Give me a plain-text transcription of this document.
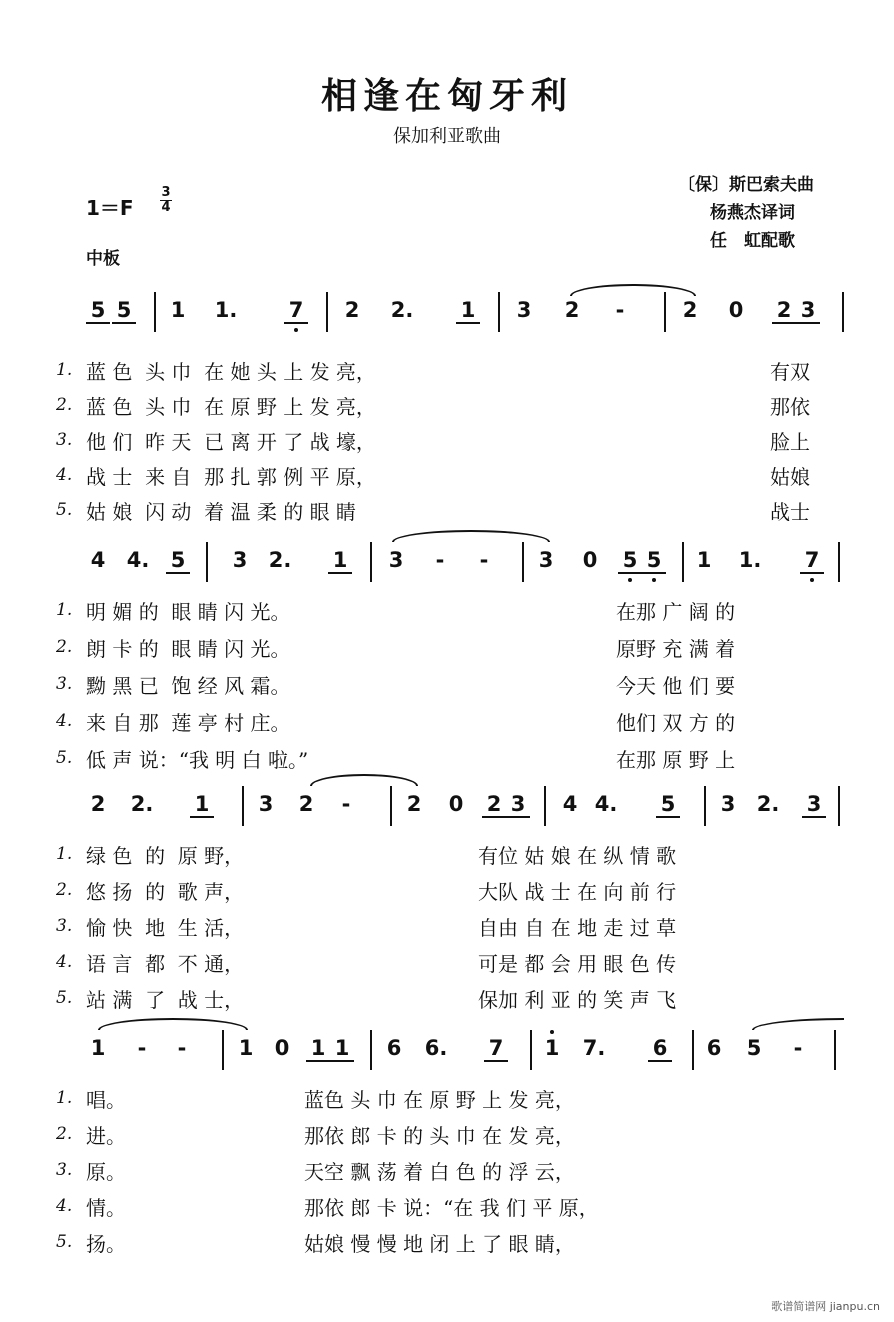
相逢在匈牙利
保加利亚歌曲
〔保〕斯巴索夫曲
杨燕杰译词
任　虹配歌
1＝F
3
4
中板
5 5 1 1. 7 2 2. 1 3 2	-	2 0 2 3
1. 蓝 色  头 巾  在 她 头 上 发 亮，	有双
2. 蓝 色  头 巾  在 原 野 上 发 亮，	那依
3. 他 们  昨 天  已 离 开 了 战 壕，	脸上
4. 战 士  来 自  那 扎 郭 例 平 原，	姑娘
5. 姑 娘  闪 动  着 温 柔 的 眼 睛	战士
4 4. 5 3 2. 1 3	-	-	3 0 5 5 1 1. 7
1. 明 媚 的  眼 睛 闪 光。	在那 广 阔 的
2. 朗 卡 的  眼 睛 闪 光。	原野 充 满 着
3. 黝 黑 已  饱 经 风 霜。	今天 他 们 要
4. 来 自 那  莲 亭 村 庄。	他们 双 方 的
5. 低 声 说：“我 明 白 啦。”	在那 原 野 上
2 2. 1 3 2	-	2 0 2 3 4 4. 5 3 2. 3
1. 绿 色  的  原 野，	有位 姑 娘 在 纵 情 歌
2. 悠 扬  的  歌 声，	大队 战 士 在 向 前 行
3. 愉 快  地  生 活，	自由 自 在 地 走 过 草
4. 语 言  都  不 通，	可是 都 会 用 眼 色 传
5. 站 满  了  战 士，	保加 利 亚 的 笑 声 飞
1	-	-	1 0 1 1 6 6. 7 1 7. 6 6 5	-
1. 唱。	蓝色 头 巾 在 原 野 上 发 亮，
2. 进。	那依 郎 卡 的 头 巾 在 发 亮，
3. 原。	天空 飘 荡 着 白 色 的 浮 云，
4. 情。	那依 郎 卡 说：“在 我 们 平 原，
5. 扬。	姑娘 慢 慢 地 闭 上 了 眼 睛，
歌谱简谱网 jianpu.cn
